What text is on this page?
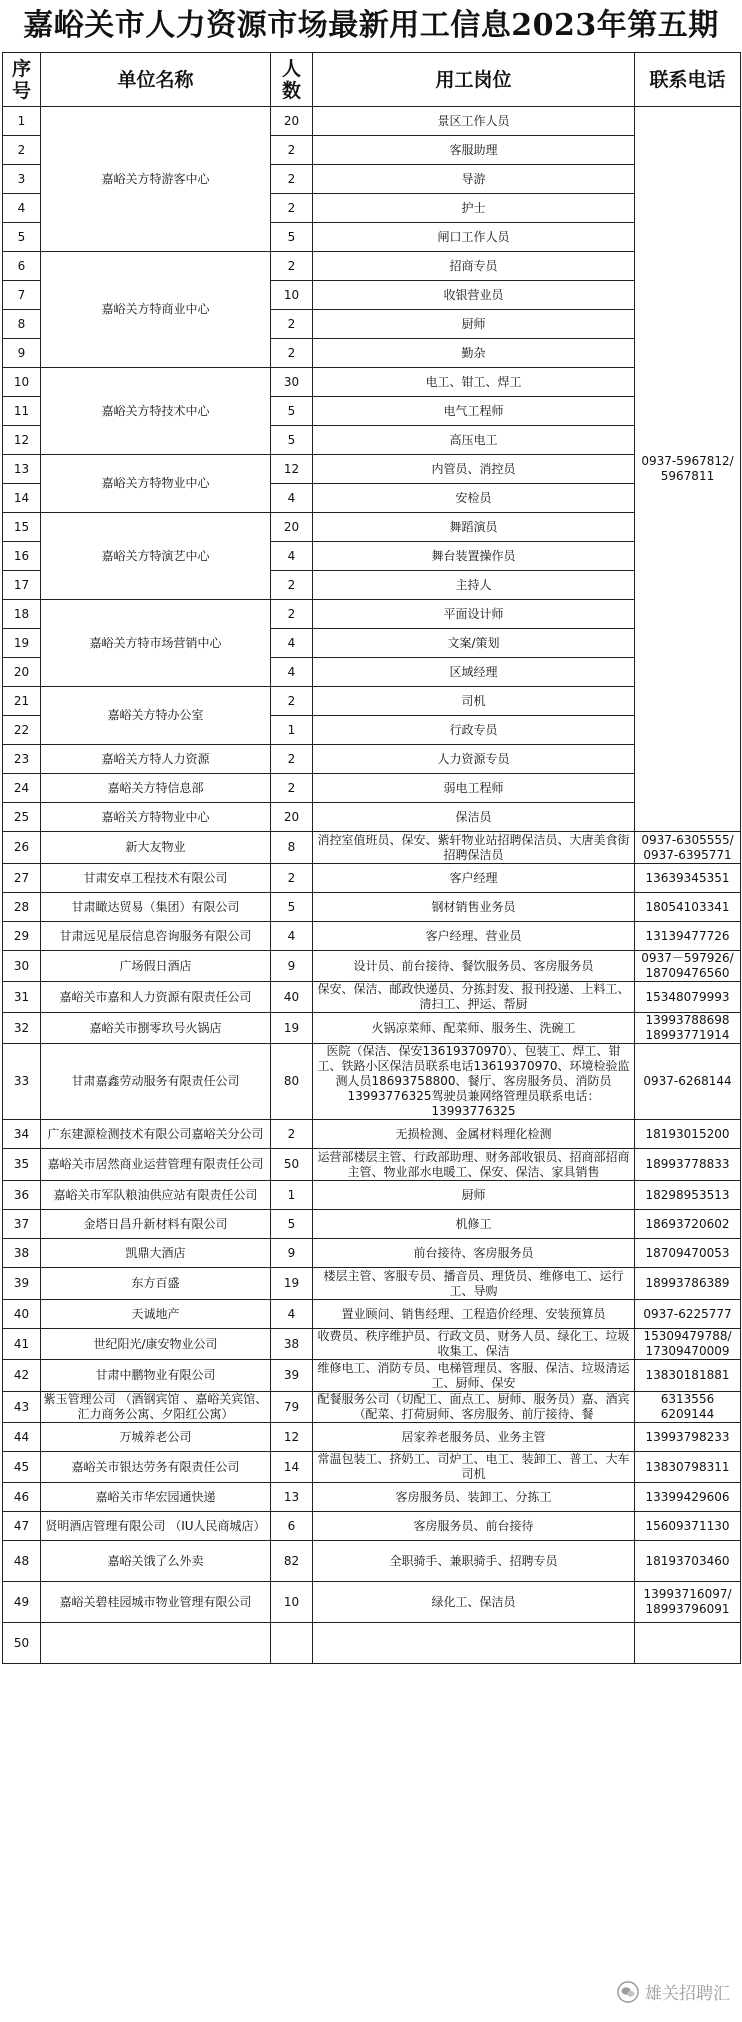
嘉峪关市人力资源市场最新用工信息2023年第五期
序号	单位名称	人数	用工岗位	联系电话
1	嘉峪关方特游客中心	20	景区工作人员	0937-5967812/ 5967811
2		2	客服助理	
3		2	导游	
4		2	护士	
5		5	闸口工作人员	
6	嘉峪关方特商业中心	2	招商专员	
7		10	收银营业员	
8		2	厨师	
9		2	勤杂	
10	嘉峪关方特技术中心	30	电工、钳工、焊工	
11		5	电气工程师	
12		5	高压电工	
13	嘉峪关方特物业中心	12	内管员、消控员	
14		4	安检员	
15	嘉峪关方特演艺中心	20	舞蹈演员	
16		4	舞台装置操作员	
17		2	主持人	
18	嘉峪关方特市场营销中心	2	平面设计师	
19		4	文案/策划	
20		4	区域经理	
21	嘉峪关方特办公室	2	司机	
22		1	行政专员	
23	嘉峪关方特人力资源	2	人力资源专员	
24	嘉峪关方特信息部	2	弱电工程师	
25	嘉峪关方特物业中心	20	保洁员	
26	新大友物业	8	消控室值班员、保安、紫轩物业站招聘保洁员、大唐美食街招聘保洁员	0937-6305555/ 0937-6395771
27	甘肃安卓工程技术有限公司	2	客户经理	13639345351
28	甘肃瞰达贸易（集团）有限公司	5	钢材销售业务员	18054103341
29	甘肃远见星辰信息咨询服务有限公司	4	客户经理、营业员	13139477726
30	广场假日酒店	9	设计员、前台接待、餐饮服务员、客房服务员	0937－597926/ 18709476560
31	嘉峪关市嘉和人力资源有限责任公司	40	保安、保洁、邮政快递员、分拣封发、报刊投递、上料工、清扫工、押运、帮厨	15348079993
32	嘉峪关市捌零玖号火锅店	19	火锅凉菜师、配菜师、服务生、洗碗工	13993788698 18993771914
33	甘肃嘉鑫劳动服务有限责任公司	80	医院（保洁、保安13619370970）、包装工、焊工、钳工、铁路小区保洁员联系电话13619370970、环境检验监测人员18693758800、餐厅、客房服务员、消防员13993776325驾驶员兼网络管理员联系电话：13993776325	0937-6268144
34	广东建源检测技术有限公司嘉峪关分公司	2	无损检测、金属材料理化检测	18193015200
35	嘉峪关市居然商业运营管理有限责任公司	50	运营部楼层主管、行政部助理、财务部收银员、招商部招商主管、物业部水电暖工、保安、保洁、家具销售	18993778833
36	嘉峪关市军队粮油供应站有限责任公司	1	厨师	18298953513
37	金塔日昌升新材料有限公司	5	机修工	18693720602
38	凯鼎大酒店	9	前台接待、客房服务员	18709470053
39	东方百盛	19	楼层主管、客服专员、播音员、理货员、维修电工、运行工、导购	18993786389
40	天诚地产	4	置业顾问、销售经理、工程造价经理、安装预算员	0937-6225777
41	世纪阳光/康安物业公司	38	收费员、秩序维护员、行政文员、财务人员、绿化工、垃圾收集工、保洁	15309479788/ 17309470009
42	甘肃中鹏物业有限公司	39	维修电工、消防专员、电梯管理员、客服、保洁、垃圾清运工、厨师、保安	13830181881
43	紫玉管理公司 （酒钢宾馆 、嘉峪关宾馆、汇力商务公寓、夕阳红公寓）	79	配餐服务公司（切配工、面点工、厨师、服务员）嘉、酒宾（配菜、打荷厨师、客房服务、前厅接待、餐	6313556 6209144
44	万城养老公司	12	居家养老服务员、业务主管	13993798233
45	嘉峪关市银达劳务有限责任公司	14	常温包装工、挤奶工、司炉工、电工、装卸工、普工、大车司机	13830798311
46	嘉峪关市华宏园通快递	13	客房服务员、装卸工、分拣工	13399429606
47	贤明酒店管理有限公司 （IU人民商城店）	6	客房服务员、前台接待	15609371130
48	嘉峪关饿了么外卖	82	全职骑手、兼职骑手、招聘专员	18193703460
49	嘉峪关碧桂园城市物业管理有限公司	10	绿化工、保洁员	13993716097/ 18993796091
50				
雄关招聘汇
